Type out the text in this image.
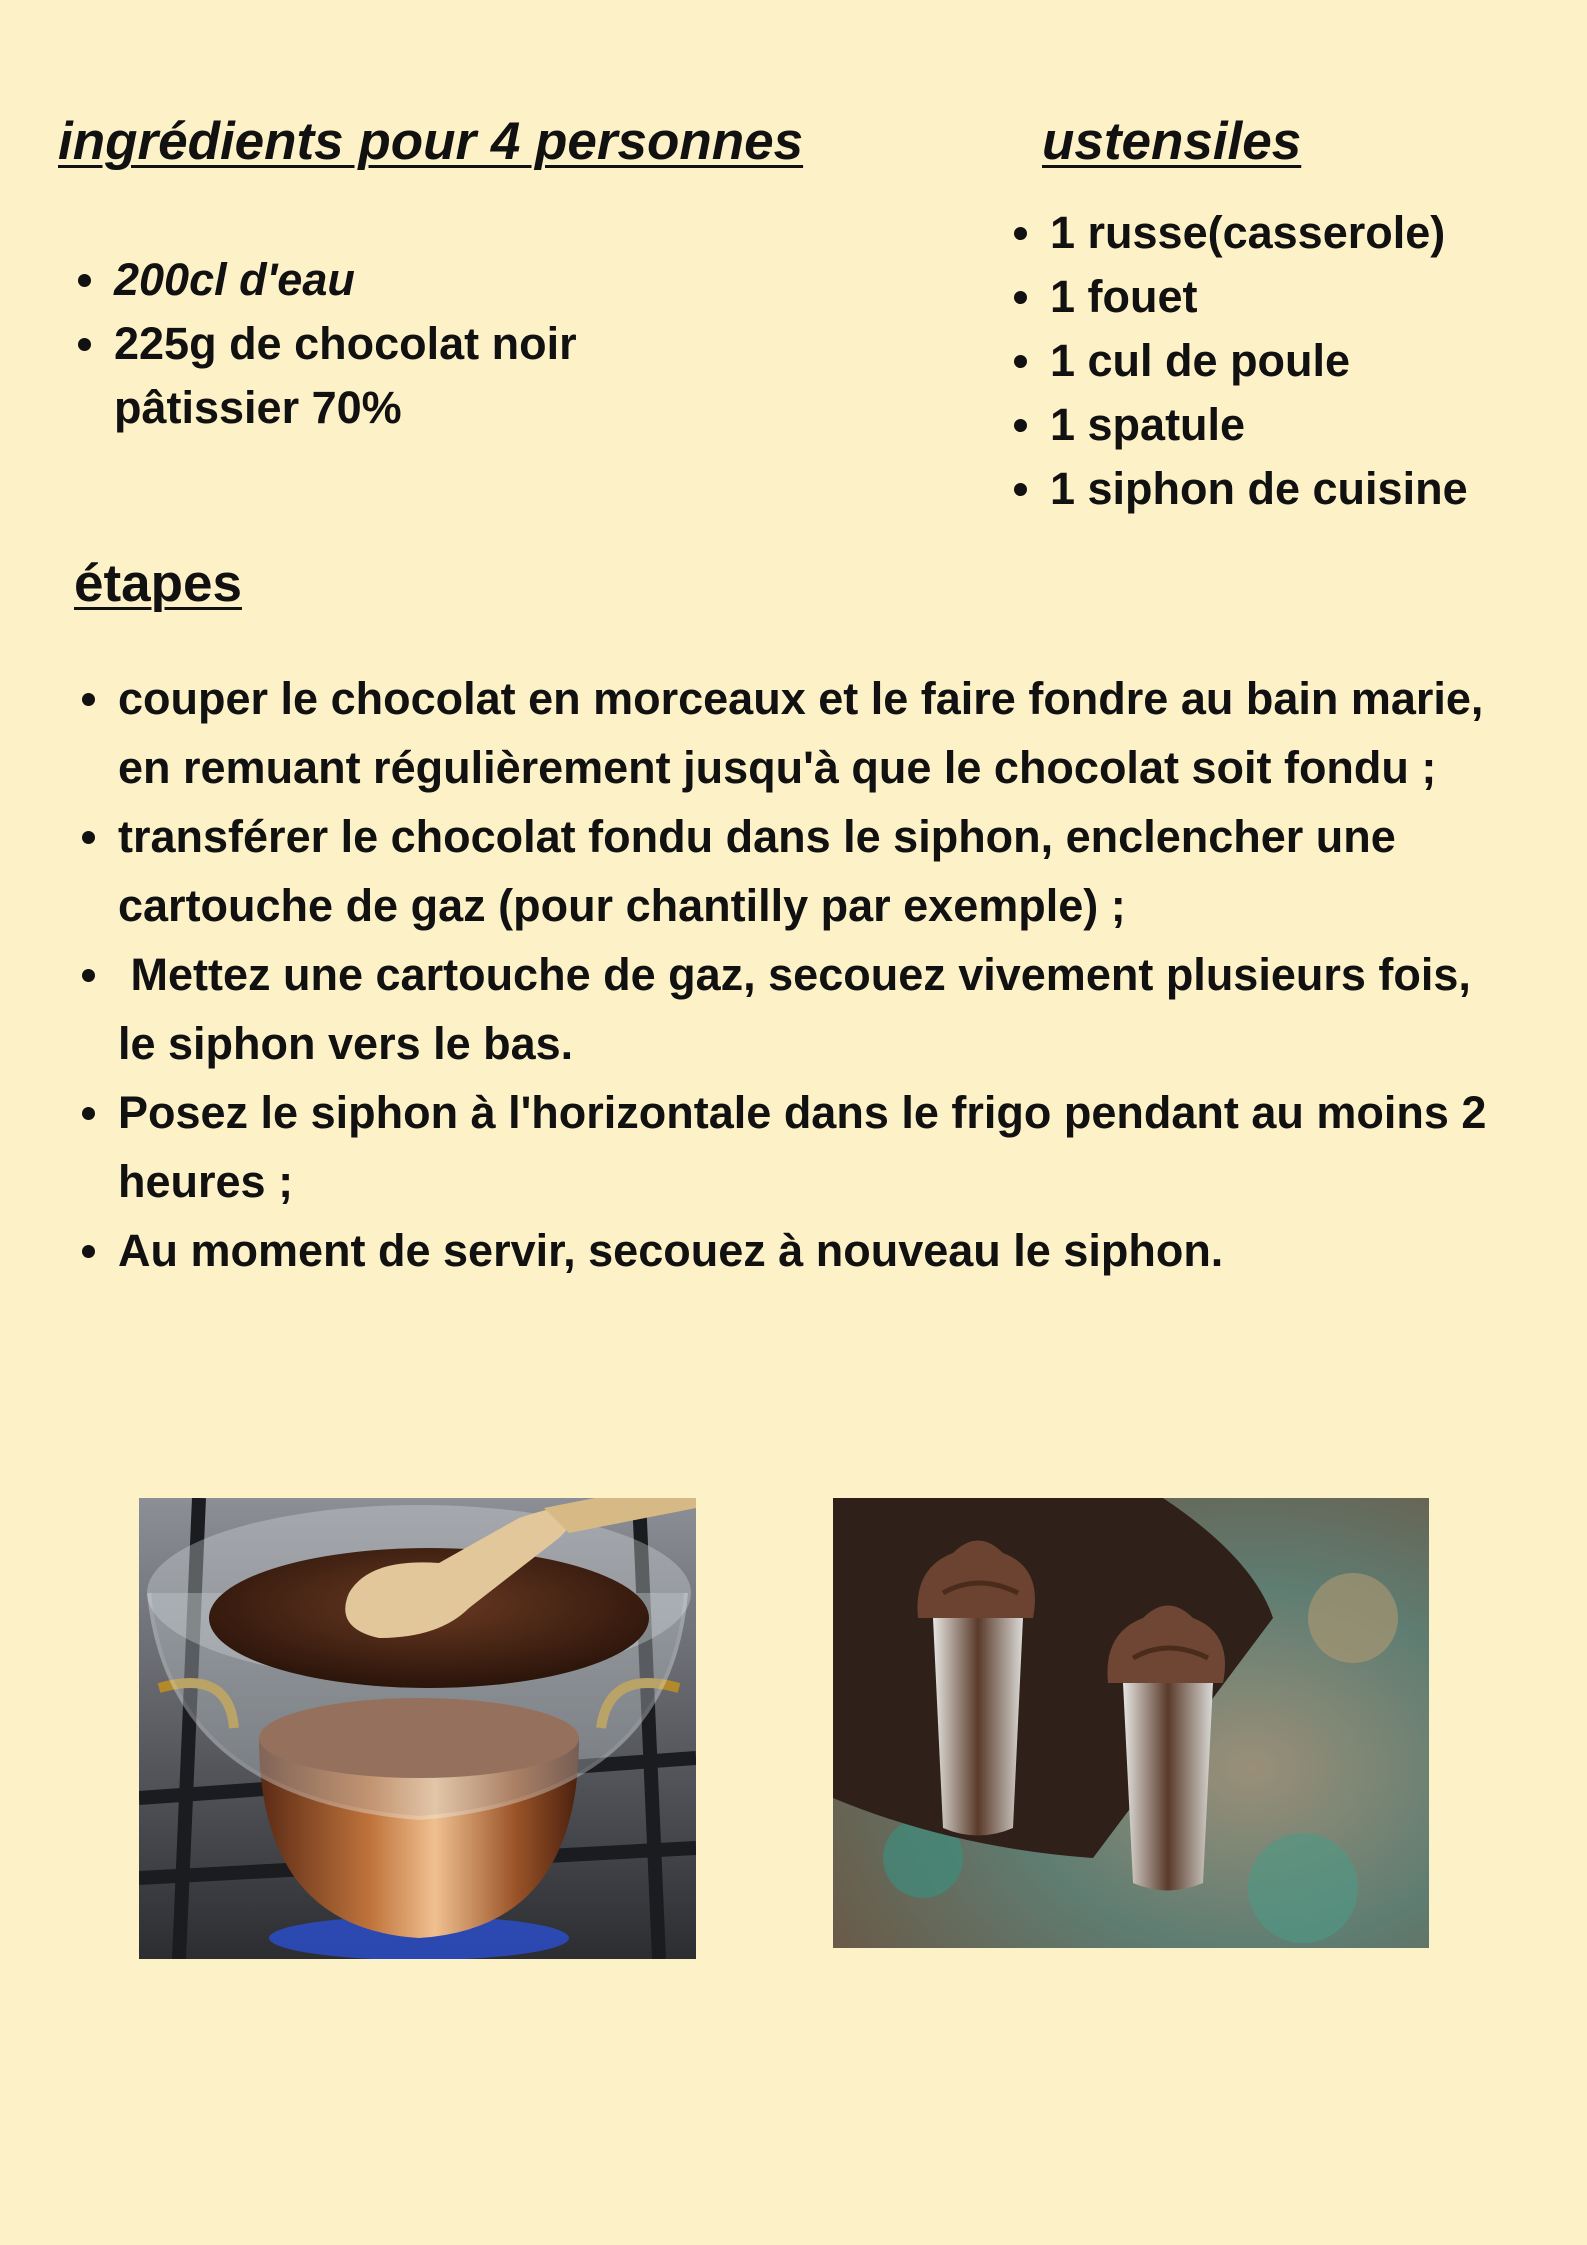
ingrédients pour 4 personnes
200cl d'eau
225g de chocolat noir pâtissier 70%
ustensiles
1 russe(casserole)
1 fouet
1 cul de poule
1 spatule
1 siphon de cuisine
étapes
couper le chocolat en morceaux et le faire fondre au bain marie, en remuant régulièrement jusqu'à que le chocolat soit fondu ;
transférer le chocolat fondu dans le siphon, enclencher une cartouche de gaz (pour chantilly par exemple) ;
Mettez une cartouche de gaz, secouez vivement plusieurs fois, le siphon vers le bas.
Posez le siphon à l'horizontale dans le frigo pendant au moins 2 heures ;
Au moment de servir, secouez à nouveau le siphon.
